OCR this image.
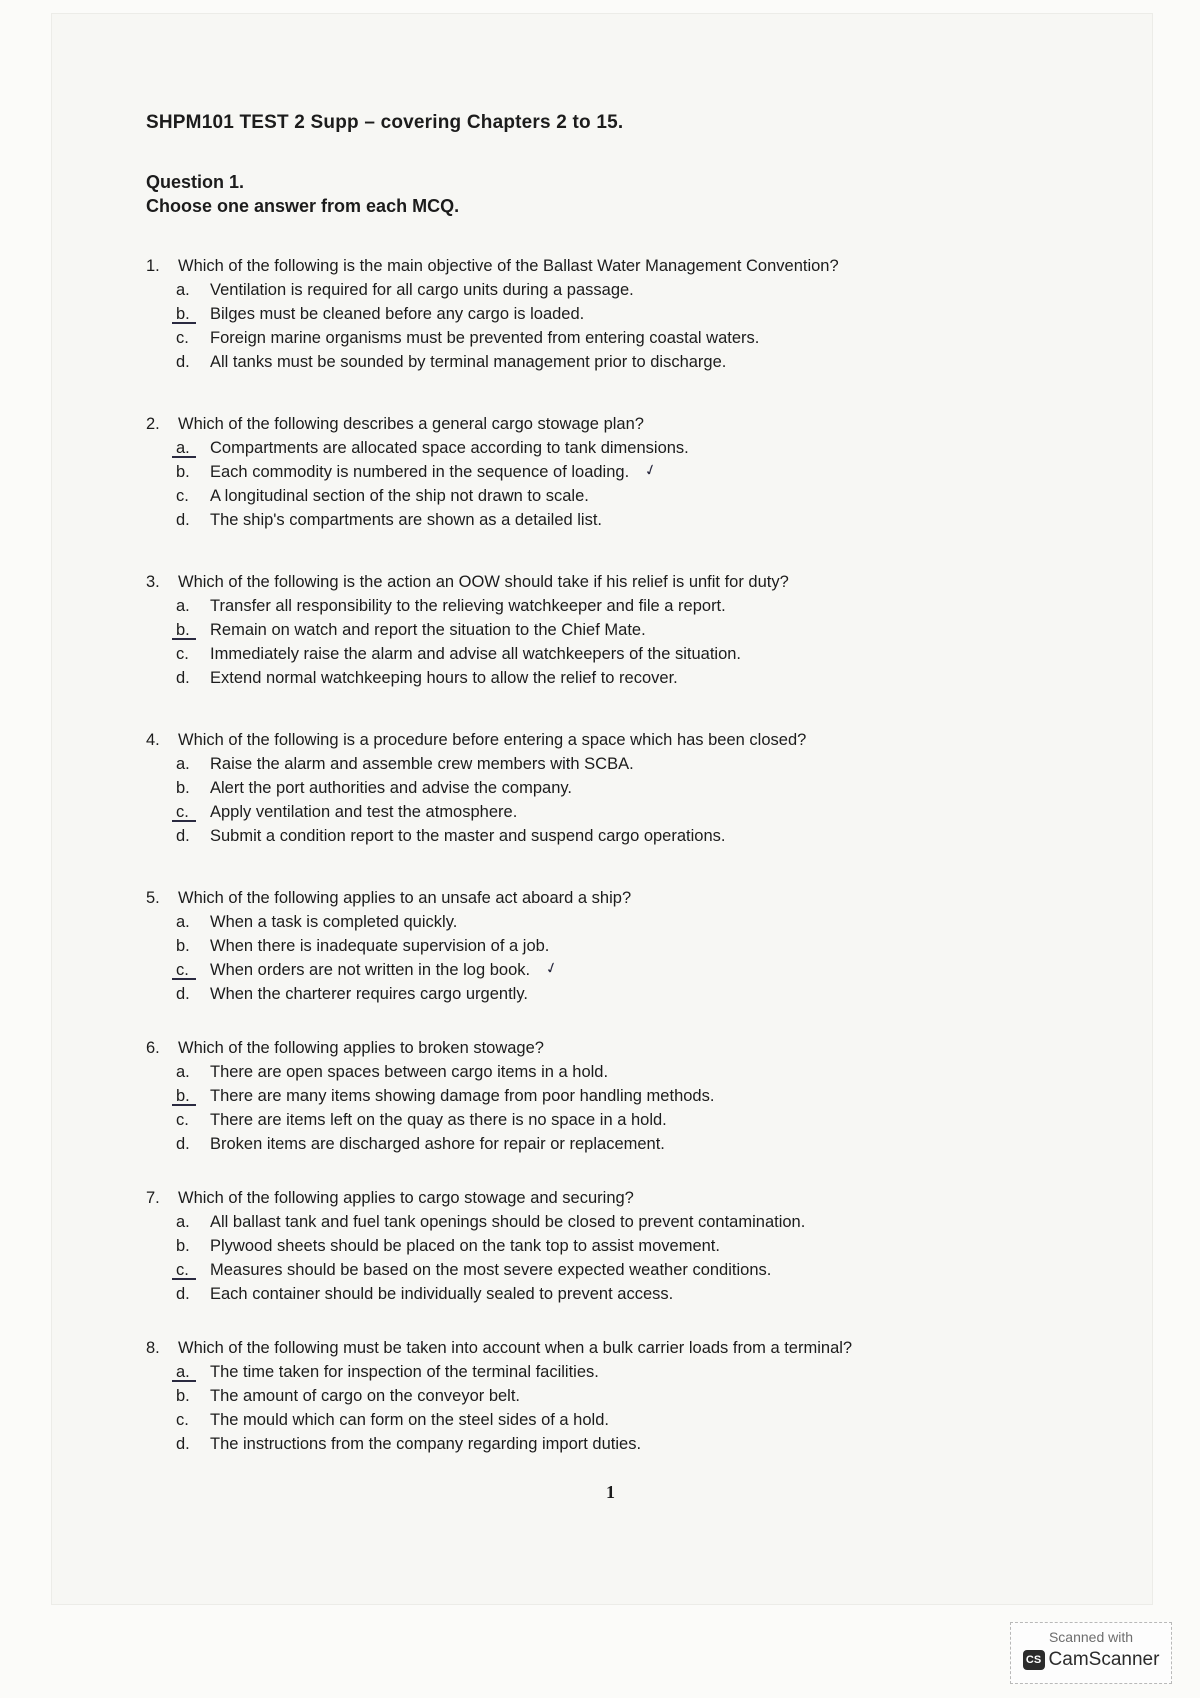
SHPM101 TEST 2 Supp – covering Chapters 2 to 15.
Question 1.
Choose one answer from each MCQ.
1.	Which of the following is the main objective of the Ballast Water Management Convention?
a.	Ventilation is required for all cargo units during a passage.
b.	Bilges must be cleaned before any cargo is loaded.
c.	Foreign marine organisms must be prevented from entering coastal waters.
d.	All tanks must be sounded by terminal management prior to discharge.
2.	Which of the following describes a general cargo stowage plan?
a.	Compartments are allocated space according to tank dimensions.
b.	Each commodity is numbered in the sequence of loading. ✓
c.	A longitudinal section of the ship not drawn to scale.
d.	The ship's compartments are shown as a detailed list.
3.	Which of the following is the action an OOW should take if his relief is unfit for duty?
a.	Transfer all responsibility to the relieving watchkeeper and file a report.
b.	Remain on watch and report the situation to the Chief Mate.
c.	Immediately raise the alarm and advise all watchkeepers of the situation.
d.	Extend normal watchkeeping hours to allow the relief to recover.
4.	Which of the following is a procedure before entering a space which has been closed?
a.	Raise the alarm and assemble crew members with SCBA.
b.	Alert the port authorities and advise the company.
c.	Apply ventilation and test the atmosphere.
d.	Submit a condition report to the master and suspend cargo operations.
5.	Which of the following applies to an unsafe act aboard a ship?
a.	When a task is completed quickly.
b.	When there is inadequate supervision of a job.
c.	When orders are not written in the log book. ✓
d.	When the charterer requires cargo urgently.
6.	Which of the following applies to broken stowage?
a.	There are open spaces between cargo items in a hold.
b.	There are many items showing damage from poor handling methods.
c.	There are items left on the quay as there is no space in a hold.
d.	Broken items are discharged ashore for repair or replacement.
7.	Which of the following applies to cargo stowage and securing?
a.	All ballast tank and fuel tank openings should be closed to prevent contamination.
b.	Plywood sheets should be placed on the tank top to assist movement.
c.	Measures should be based on the most severe expected weather conditions.
d.	Each container should be individually sealed to prevent access.
8.	Which of the following must be taken into account when a bulk carrier loads from a terminal?
a.	The time taken for inspection of the terminal facilities.
b.	The amount of cargo on the conveyor belt.
c.	The mould which can form on the steel sides of a hold.
d.	The instructions from the company regarding import duties.
1
Scanned with
CS CamScanner
